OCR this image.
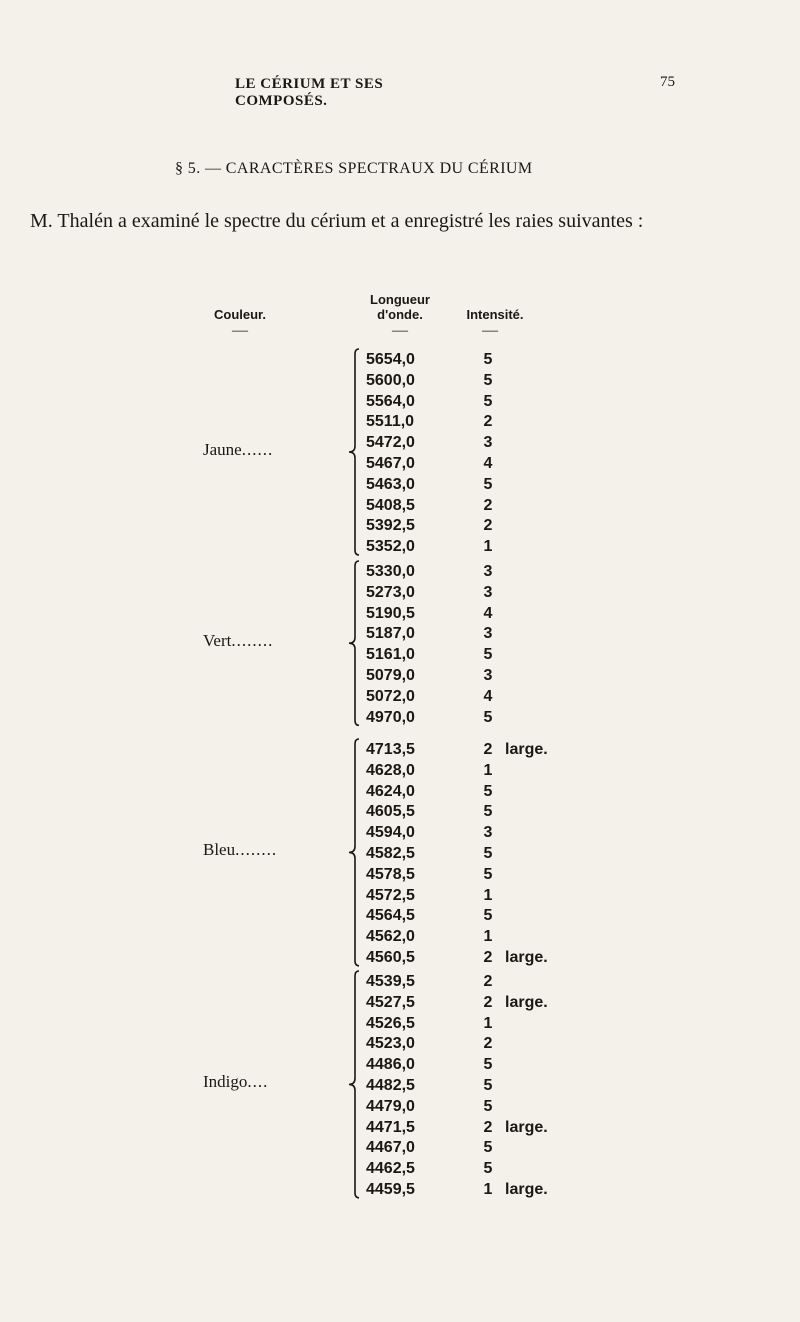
LE CÉRIUM ET SES COMPOSÉS.
75
§ 5. — CARACTÈRES SPECTRAUX DU CÉRIUM
M. Thalén a examiné le spectre du cérium et a enregistré les raies suivantes :
Couleur.
Longueur
d'onde.	Intensité.
—	—	—
Jaune......
5654,0	5
5600,0	5
5564,0	5
5511,0	2
5472,0	3
5467,0	4
5463,0	5
5408,5	2
5392,5	2
5352,0	1
Vert........
5330,0	3
5273,0	3
5190,5	4
5187,0	3
5161,0	5
5079,0	3
5072,0	4
4970,0	5
Bleu........
4713,5	2 large.
4628,0	1
4624,0	5
4605,5	5
4594,0	3
4582,5	5
4578,5	5
4572,5	1
4564,5	5
4562,0	1
4560,5	2 large.
Indigo....
4539,5	2
4527,5	2 large.
4526,5	1
4523,0	2
4486,0	5
4482,5	5
4479,0	5
4471,5	2 large.
4467,0	5
4462,5	5
4459,5	1 large.
